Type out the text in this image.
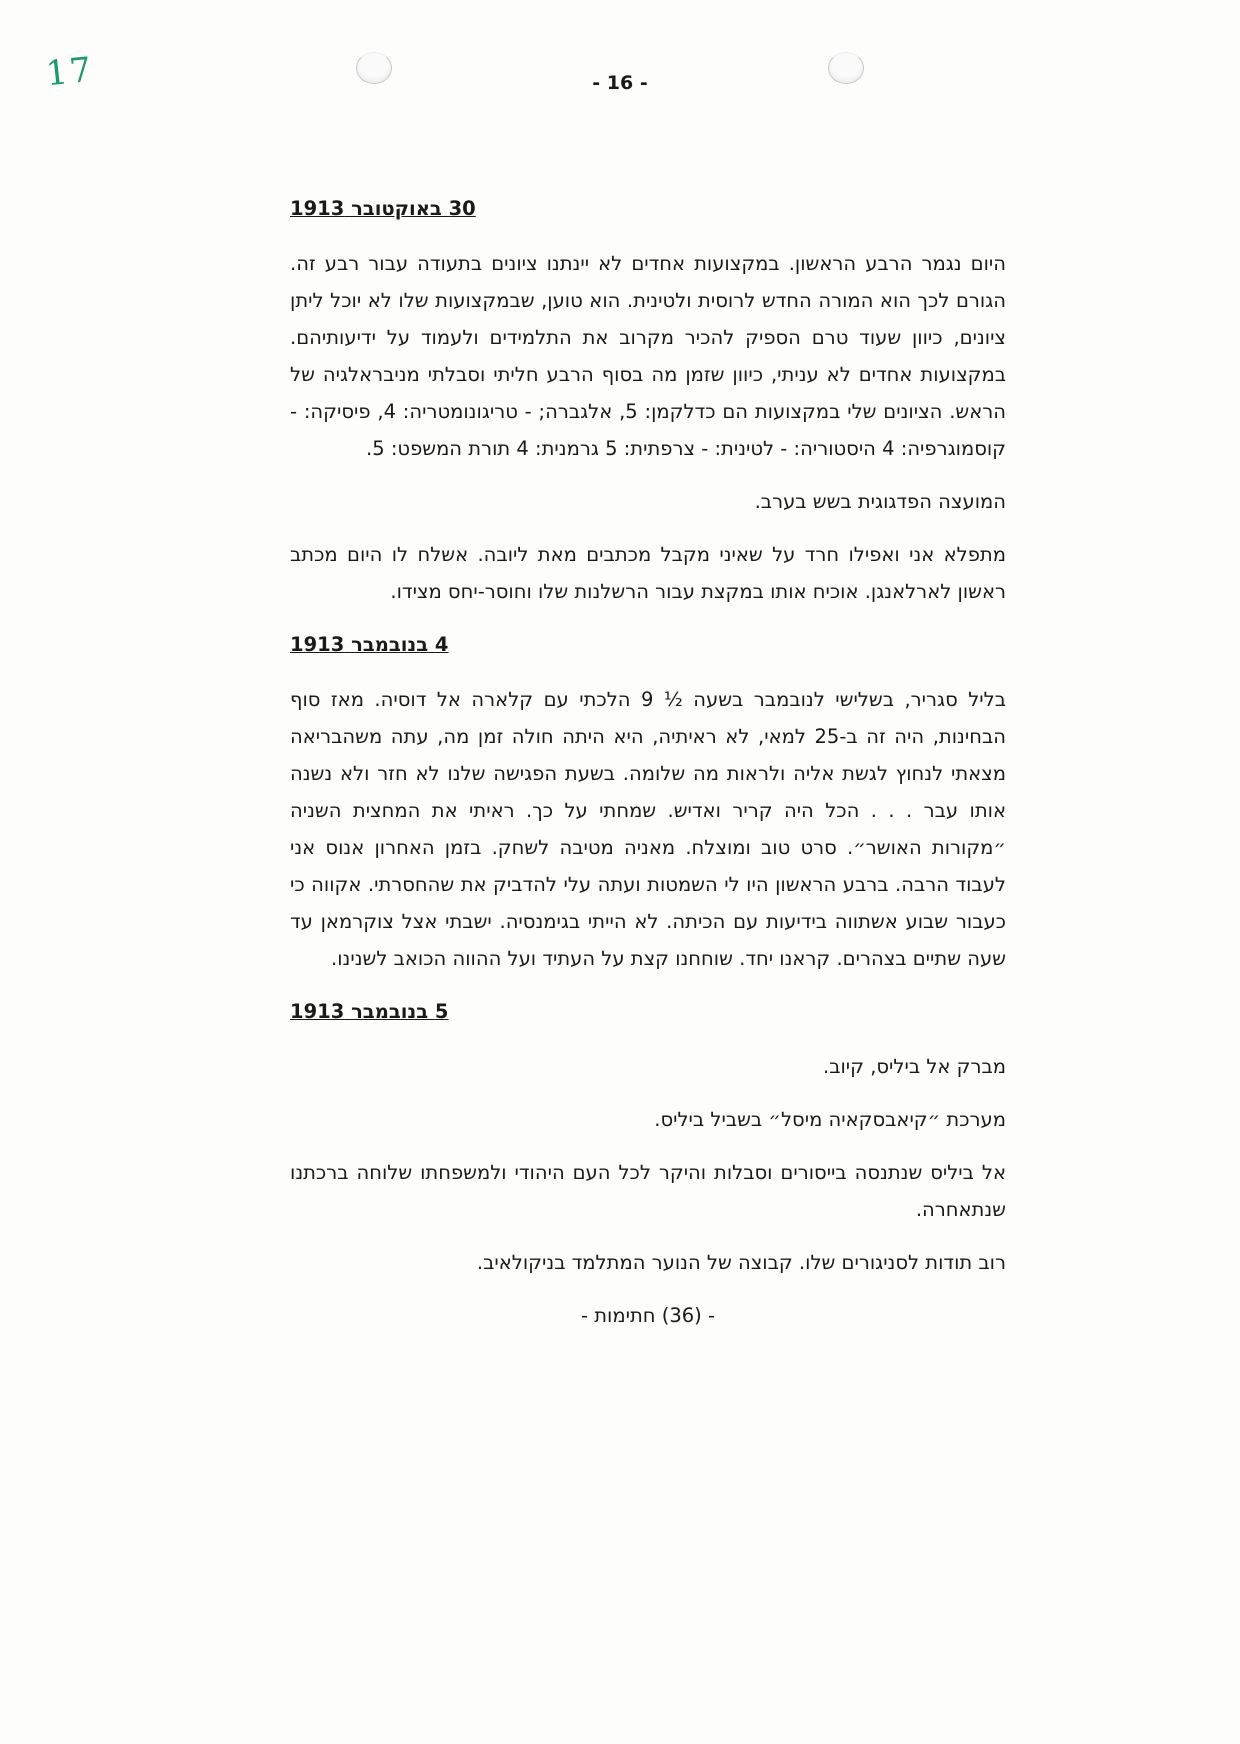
17	- 16 -
30 באוקטובר 1913

היום נגמר הרבע הראשון. במקצועות אחדים לא יינתנו ציונים בתעודה עבור רבע זה. הגורם לכך הוא המורה החדש לרוסית ולטינית. הוא טוען, שבמקצועות שלו לא יוכל ליתן ציונים, כיוון שעוד טרם הספיק להכיר מקרוב את התלמידים ולעמוד על ידיעותיהם. במקצועות אחדים לא עניתי, כיוון שזמן מה בסוף הרבע חליתי וסבלתי מניבראלגיה של הראש. הציונים שלי במקצועות הם כדלקמן: 5, אלגברה; - טריגונומטריה: 4, פיסיקה: - קוסמוגרפיה: 4 היסטוריה: - לטינית: - צרפתית: 5 גרמנית: 4 תורת המשפט: 5.

המועצה הפדגוגית בשש בערב.

מתפלא אני ואפילו חרד על שאיני מקבל מכתבים מאת ליובה. אשלח לו היום מכתב ראשון לארלאנגן. אוכיח אותו במקצת עבור הרשלנות שלו וחוסר-יחס מצידו.

4 בנובמבר 1913

בליל סגריר, בשלישי לנובמבר בשעה ½ 9 הלכתי עם קלארה אל דוסיה. מאז סוף הבחינות, היה זה ב-25 למאי, לא ראיתיה, היא היתה חולה זמן מה, עתה משהבריאה מצאתי לנחוץ לגשת אליה ולראות מה שלומה. בשעת הפגישה שלנו לא חזר ולא נשנה אותו עבר . . . הכל היה קריר ואדיש. שמחתי על כך. ראיתי את המחצית השניה ״מקורות האושר״. סרט טוב ומוצלח. מאניה מטיבה לשחק. בזמן האחרון אנוס אני לעבוד הרבה. ברבע הראשון היו לי השמטות ועתה עלי להדביק את שהחסרתי. אקווה כי כעבור שבוע אשתווה בידיעות עם הכיתה. לא הייתי בגימנסיה. ישבתי אצל צוקרמאן עד שעה שתיים בצהרים. קראנו יחד. שוחחנו קצת על העתיד ועל ההווה הכואב לשנינו.

5 בנובמבר 1913

מברק אל ביליס, קיוב.

מערכת ״קיאבסקאיה מיסל״ בשביל ביליס.

אל ביליס שנתנסה בייסורים וסבלות והיקר לכל העם היהודי ולמשפחתו שלוחה ברכתנו שנתאחרה.

רוב תודות לסניגורים שלו. קבוצה של הנוער המתלמד בניקולאיב.

- (36) חתימות -
